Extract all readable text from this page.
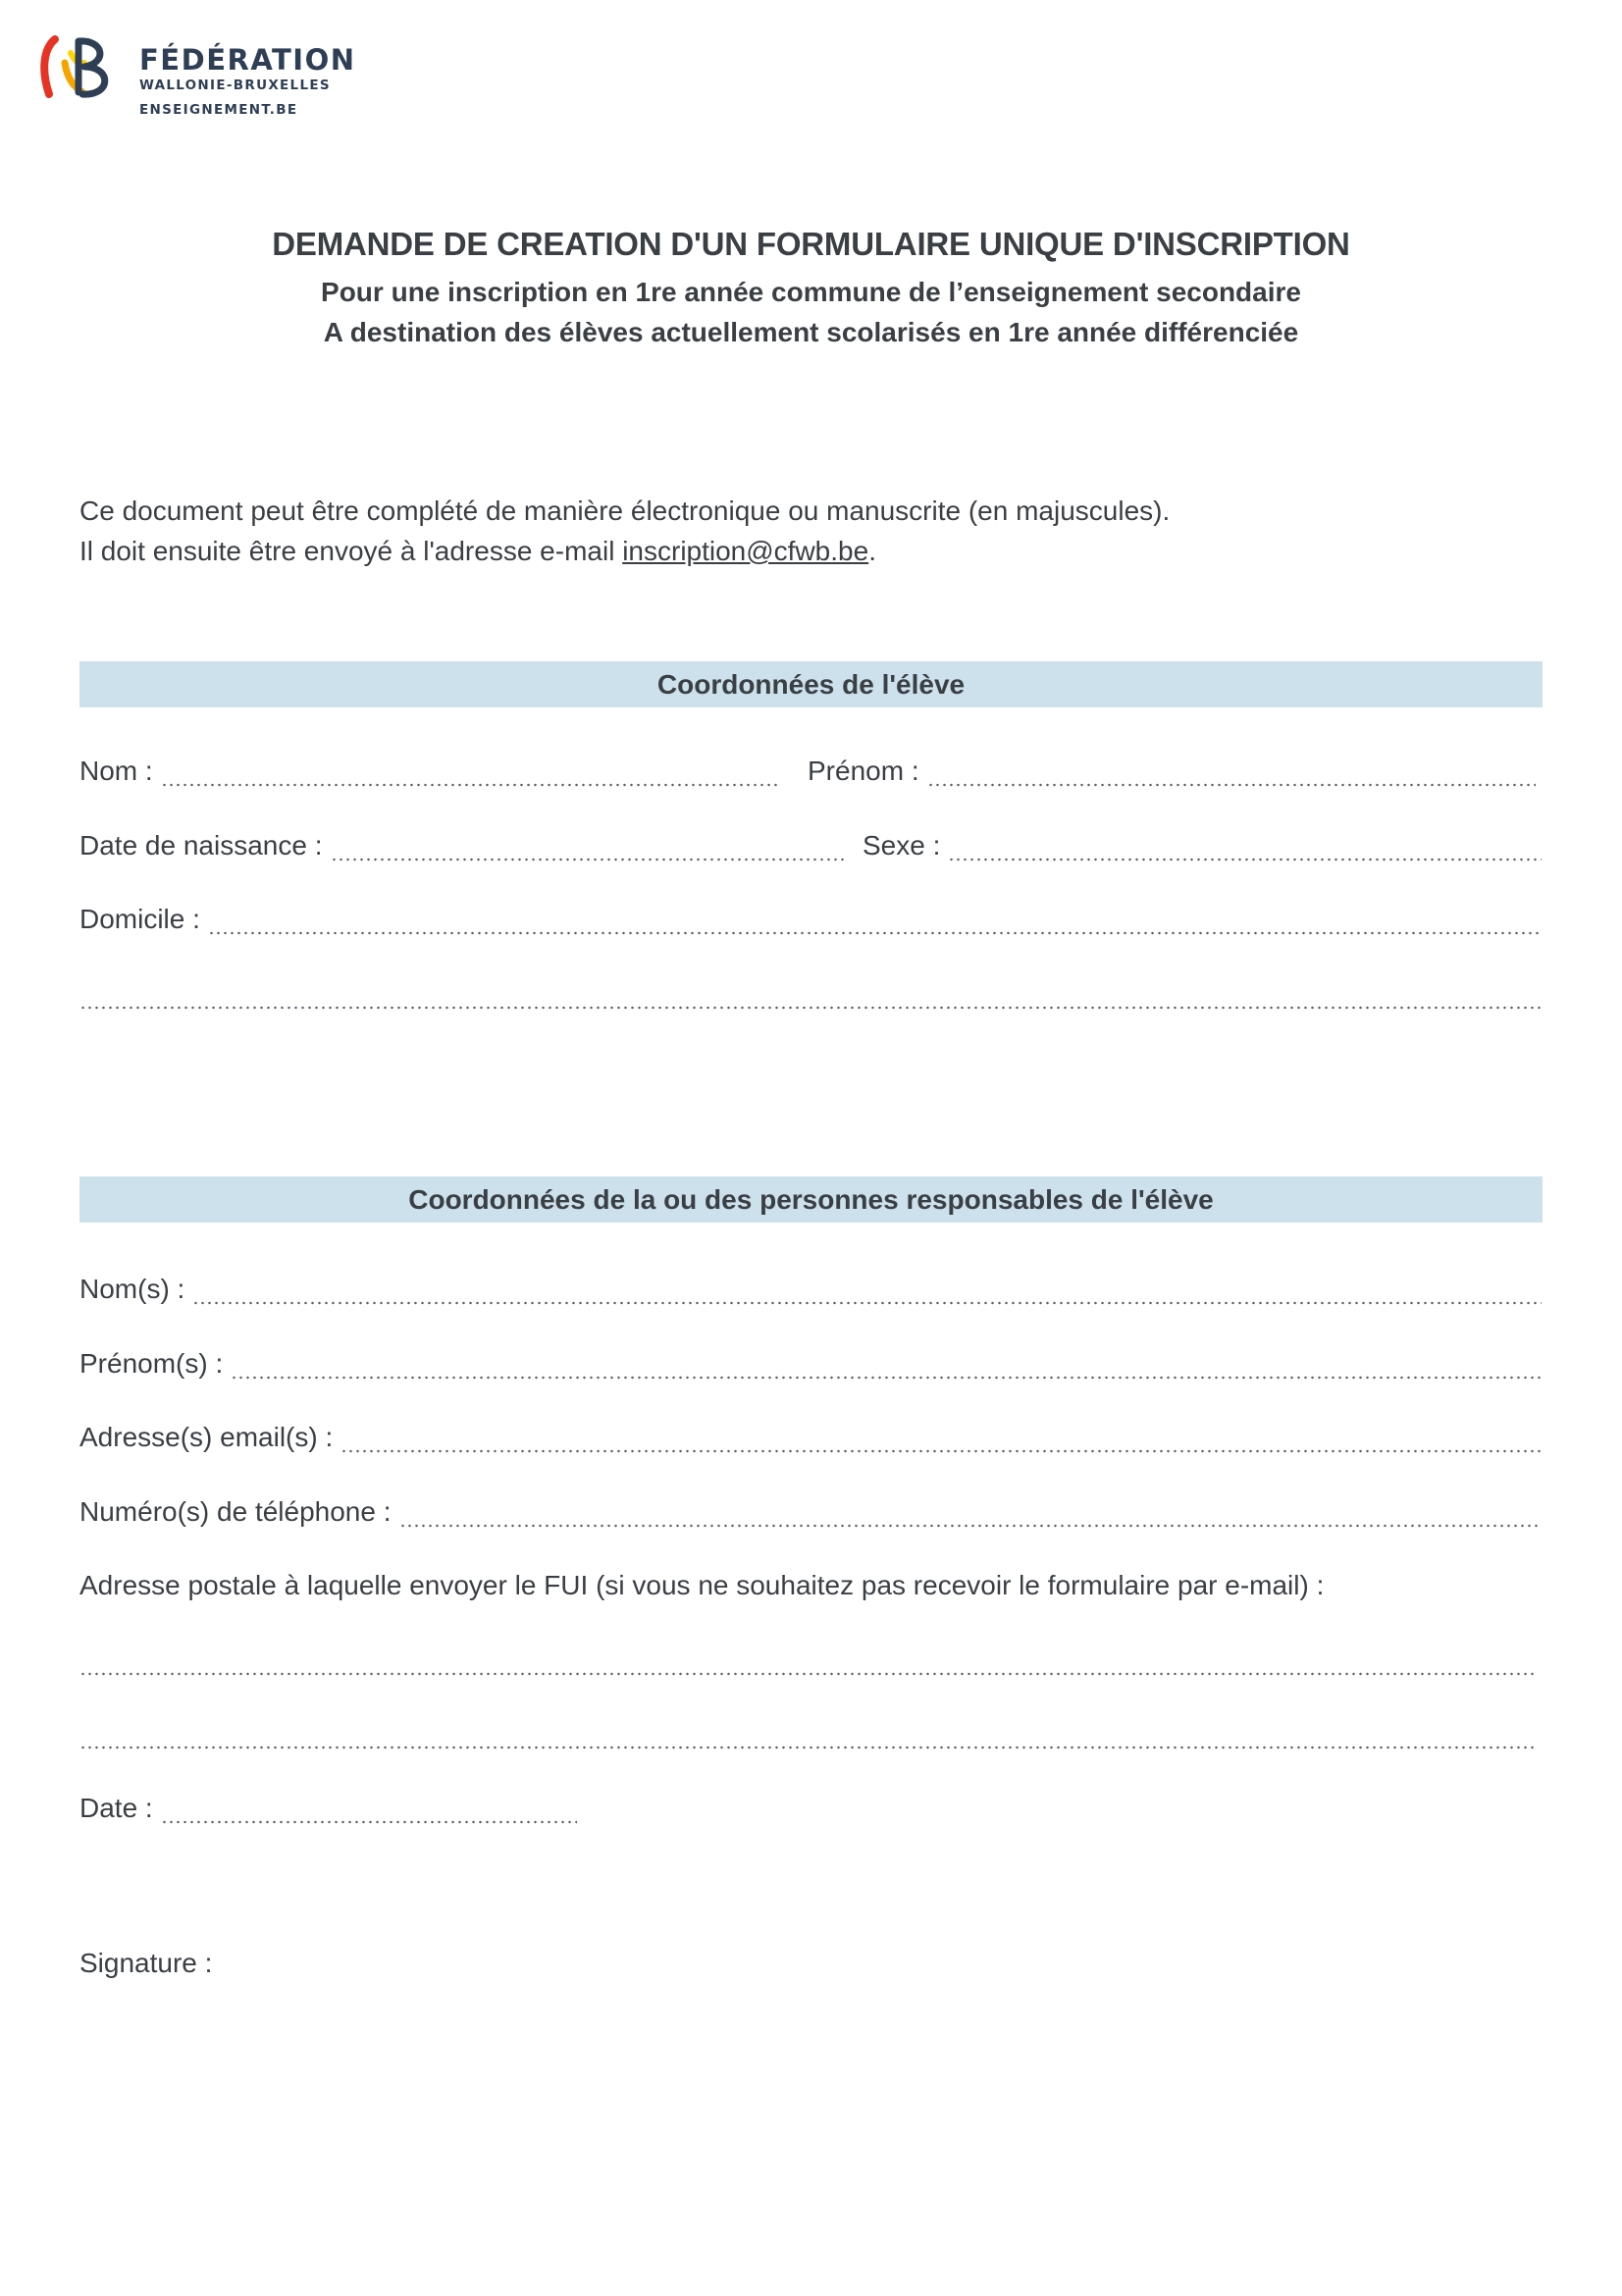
FÉDÉRATION
WALLONIE-BRUXELLES
ENSEIGNEMENT.BE
DEMANDE DE CREATION D'UN FORMULAIRE UNIQUE D'INSCRIPTION
Pour une inscription en 1re année commune de l’enseignement secondaire
A destination des élèves actuellement scolarisés en 1re année différenciée
Ce document peut être complété de manière électronique ou manuscrite (en majuscules).
Il doit ensuite être envoyé à l'adresse e-mail inscription@cfwb.be.
Coordonnées de l'élève
Nom :	Prénom :
Date de naissance :	Sexe :
Domicile :
Coordonnées de la ou des personnes responsables de l'élève
Nom(s) :
Prénom(s) :
Adresse(s) email(s) :
Numéro(s) de téléphone :
Adresse postale à laquelle envoyer le FUI (si vous ne souhaitez pas recevoir le formulaire par e-mail) :
Date :
Signature :
